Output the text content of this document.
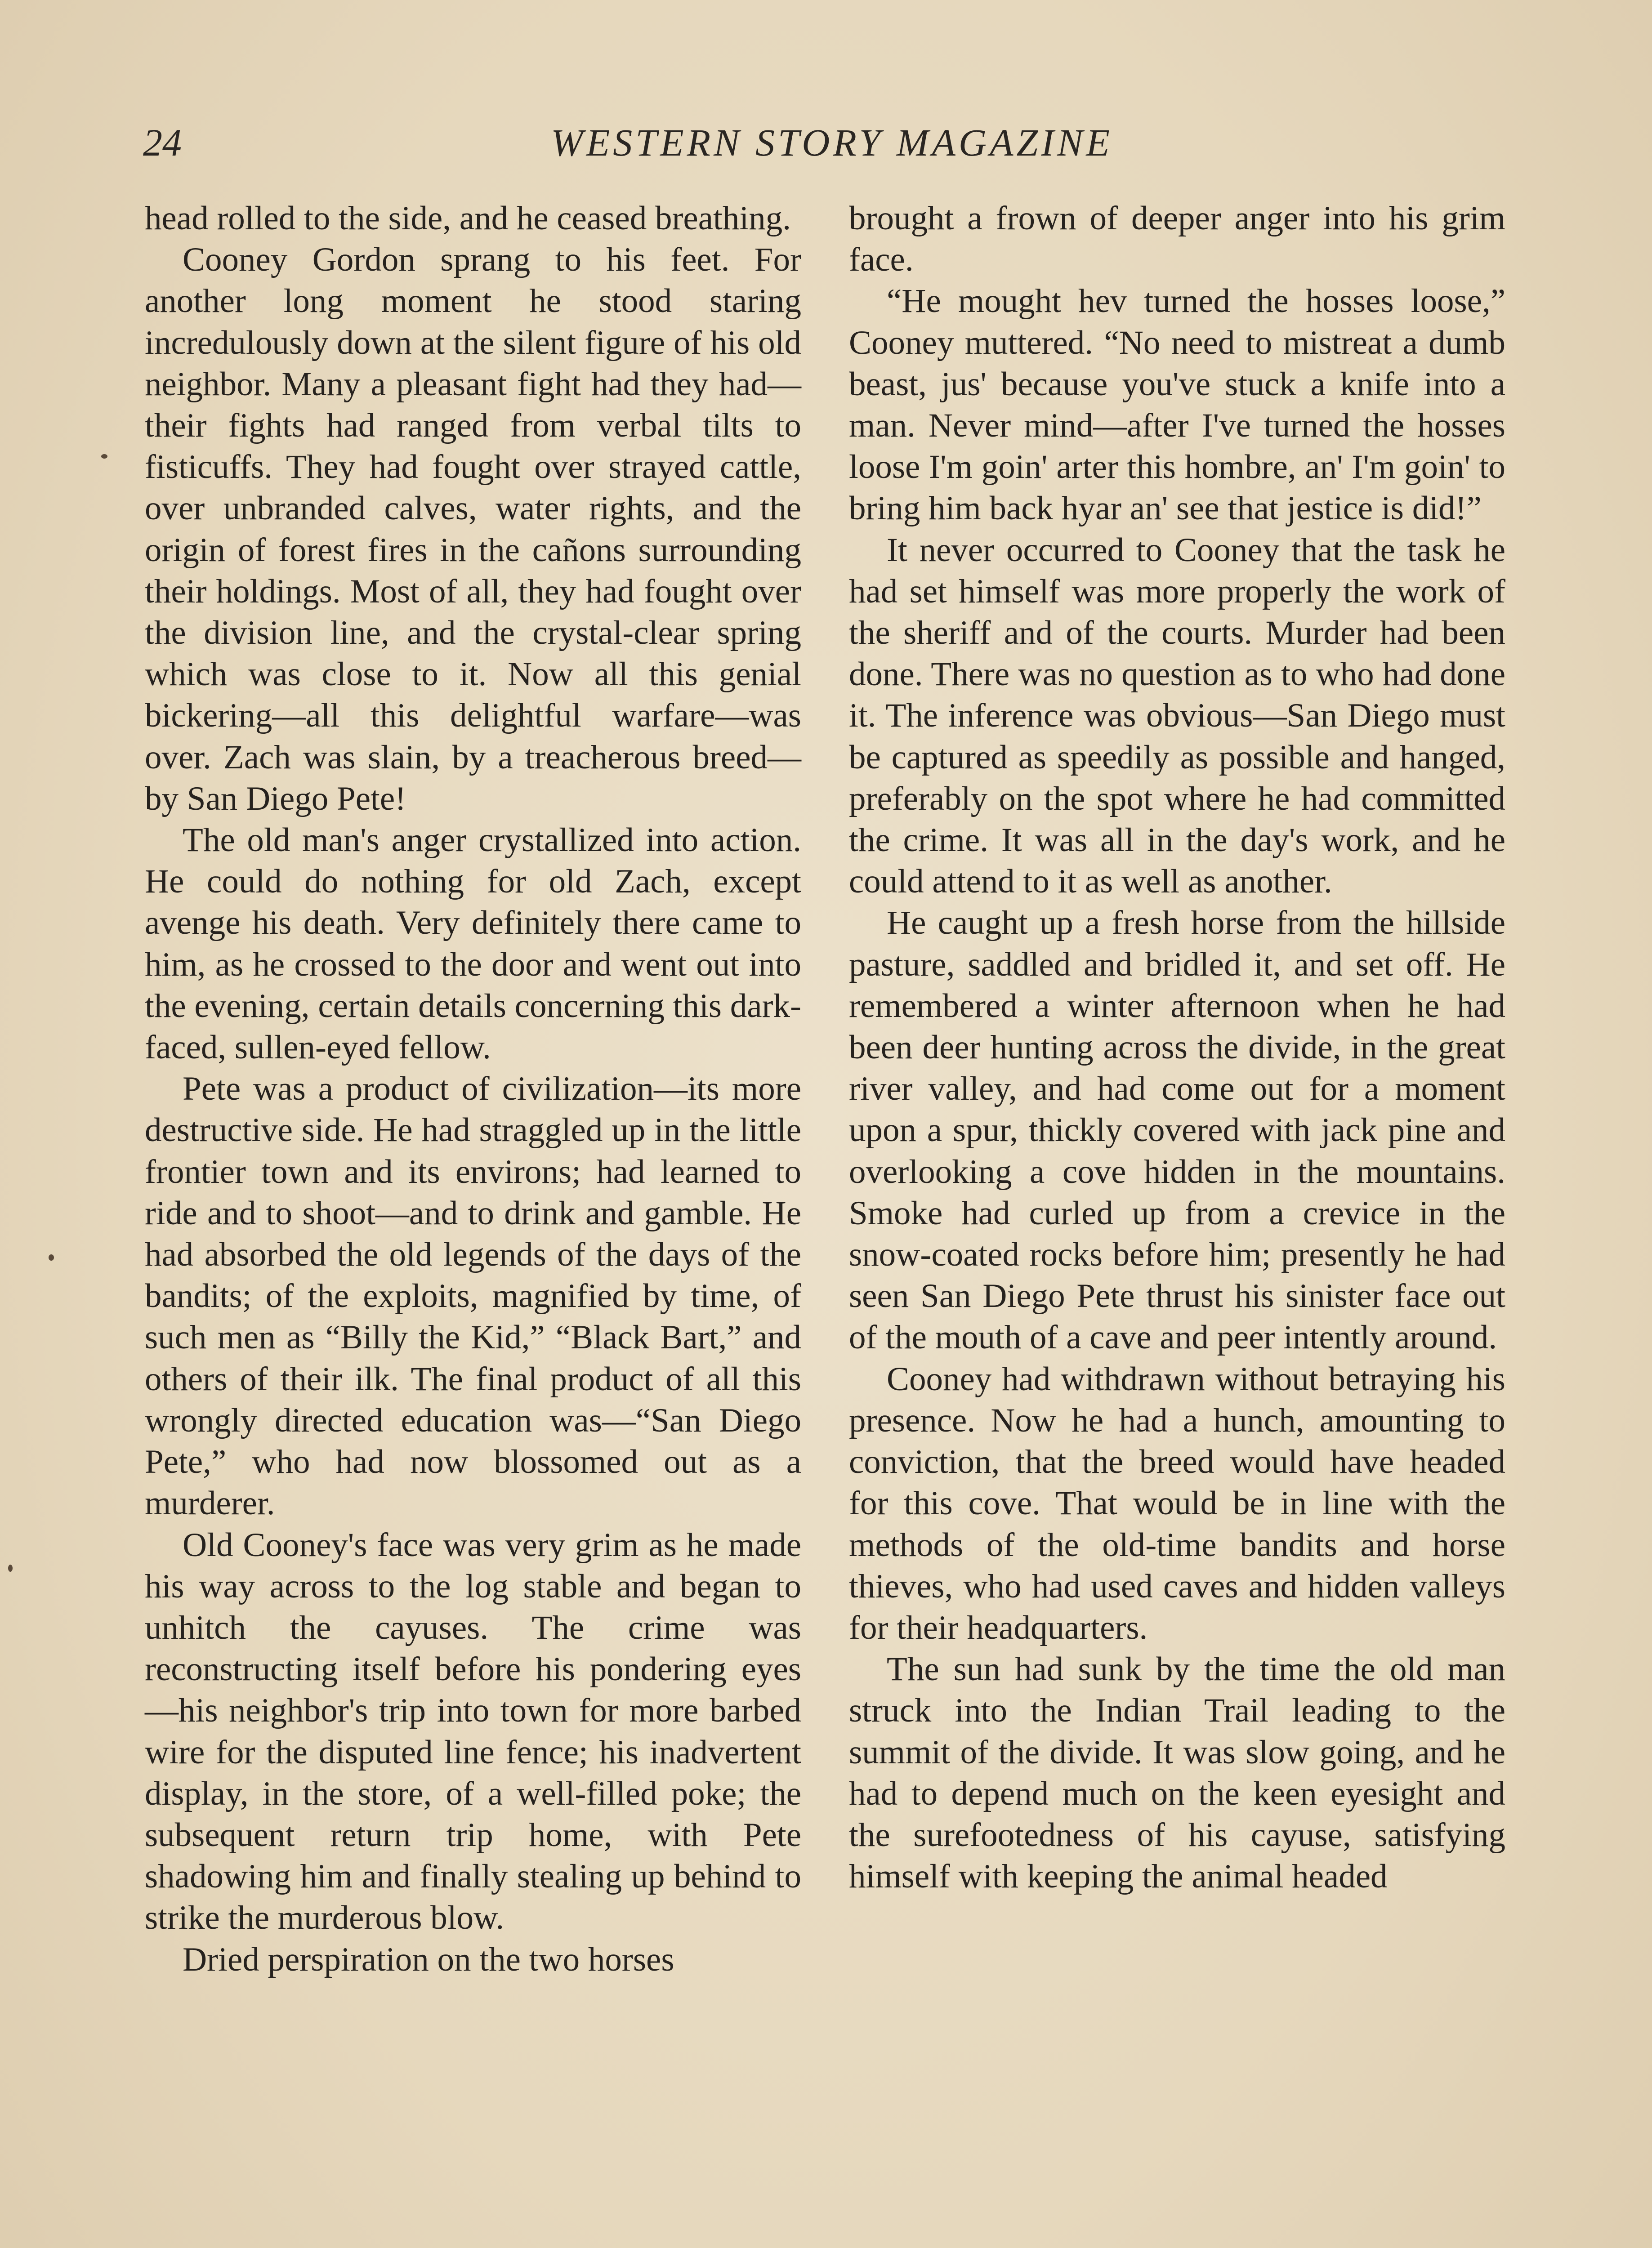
24	WESTERN STORY MAGAZINE

head rolled to the side, and he ceased breathing.

Cooney Gordon sprang to his feet. For another long moment he stood staring incredulously down at the silent figure of his old neighbor. Many a pleasant fight had they had—their fights had ranged from verbal tilts to fisticuffs. They had fought over strayed cattle, over unbranded calves, water rights, and the origin of forest fires in the cañons surrounding their holdings. Most of all, they had fought over the division line, and the crystal-clear spring which was close to it. Now all this genial bickering—all this delightful warfare—was over. Zach was slain, by a treacherous breed—by San Diego Pete!

The old man's anger crystallized into action. He could do nothing for old Zach, except avenge his death. Very definitely there came to him, as he crossed to the door and went out into the evening, certain details concerning this dark-faced, sullen-eyed fellow.

Pete was a product of civilization—its more destructive side. He had straggled up in the little frontier town and its environs; had learned to ride and to shoot—and to drink and gamble. He had absorbed the old legends of the days of the bandits; of the exploits, magnified by time, of such men as “Billy the Kid,” “Black Bart,” and others of their ilk. The final product of all this wrongly directed education was—“San Diego Pete,” who had now blossomed out as a murderer.

Old Cooney's face was very grim as he made his way across to the log stable and began to unhitch the cayuses. The crime was reconstructing itself before his pondering eyes—his neighbor's trip into town for more barbed wire for the disputed line fence; his inadvertent display, in the store, of a well-filled poke; the subsequent return trip home, with Pete shadowing him and finally stealing up behind to strike the murderous blow.

Dried perspiration on the two horses

brought a frown of deeper anger into his grim face.

“He mought hev turned the hosses loose,” Cooney muttered. “No need to mistreat a dumb beast, jus' because you've stuck a knife into a man. Never mind—after I've turned the hosses loose I'm goin' arter this hombre, an' I'm goin' to bring him back hyar an' see that jestice is did!”

It never occurred to Cooney that the task he had set himself was more properly the work of the sheriff and of the courts. Murder had been done. There was no question as to who had done it. The inference was obvious—San Diego must be captured as speedily as possible and hanged, preferably on the spot where he had committed the crime. It was all in the day's work, and he could attend to it as well as another.

He caught up a fresh horse from the hillside pasture, saddled and bridled it, and set off. He remembered a winter afternoon when he had been deer hunting across the divide, in the great river valley, and had come out for a moment upon a spur, thickly covered with jack pine and overlooking a cove hidden in the mountains. Smoke had curled up from a crevice in the snow-coated rocks before him; presently he had seen San Diego Pete thrust his sinister face out of the mouth of a cave and peer intently around.

Cooney had withdrawn without betraying his presence. Now he had a hunch, amounting to conviction, that the breed would have headed for this cove. That would be in line with the methods of the old-time bandits and horse thieves, who had used caves and hidden valleys for their headquarters.

The sun had sunk by the time the old man struck into the Indian Trail leading to the summit of the divide. It was slow going, and he had to depend much on the keen eyesight and the surefootedness of his cayuse, satisfying himself with keeping the animal headed
